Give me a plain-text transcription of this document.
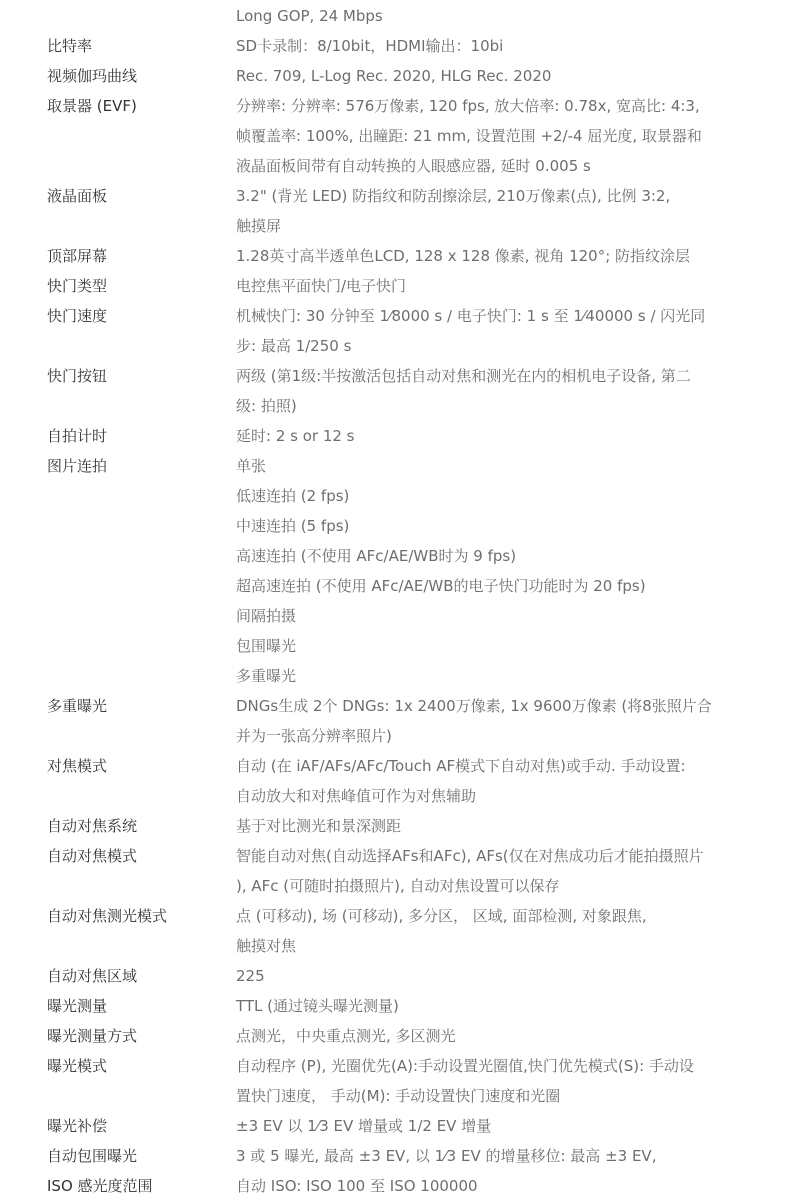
Long GOP, 24 Mbps
比特率	SD卡录制：8/10bit，HDMI输出：10bi
视频伽玛曲线	Rec. 709, L-Log Rec. 2020, HLG Rec. 2020
取景器 (EVF)	分辨率: 分辨率: 576万像素, 120 fps, 放大倍率: 0.78x, 宽高比: 4:3,
帧覆盖率: 100%, 出瞳距: 21 mm, 设置范围 +2/-4 屈光度, 取景器和
液晶面板间带有自动转换的人眼感应器, 延时 0.005 s
液晶面板	3.2" (背光 LED) 防指纹和防刮擦涂层, 210万像素(点), 比例 3:2,
触摸屏
顶部屏幕	1.28英寸高半透单色LCD, 128 x 128 像素, 视角 120°; 防指纹涂层
快门类型	电控焦平面快门/电子快门
快门速度	机械快门: 30 分钟至 1⁄8000 s / 电子快门: 1 s 至 1⁄40000 s / 闪光同
步: 最高 1/250 s
快门按钮	两级 (第1级:半按激活包括自动对焦和测光在内的相机电子设备, 第二
级: 拍照)
自拍计时	延时: 2 s or 12 s
图片连拍	单张
低速连拍 (2 fps)
中速连拍 (5 fps)
高速连拍 (不使用 AFc/AE/WB时为 9 fps)
超高速连拍 (不使用 AFc/AE/WB的电子快门功能时为 20 fps)
间隔拍摄
包围曝光
多重曝光
多重曝光	DNGs生成 2个 DNGs: 1x 2400万像素, 1x 9600万像素 (将8张照片合
并为一张高分辨率照片)
对焦模式	自动 (在 iAF/AFs/AFc/Touch AF模式下自动对焦)或手动. 手动设置:
自动放大和对焦峰值可作为对焦辅助
自动对焦系统	基于对比测光和景深测距
自动对焦模式	智能自动对焦(自动选择AFs和AFc), AFs(仅在对焦成功后才能拍摄照片
), AFc (可随时拍摄照片), 自动对焦设置可以保存
自动对焦测光模式	点 (可移动), 场 (可移动), 多分区， 区域, 面部检测, 对象跟焦,
触摸对焦
自动对焦区域	225
曝光测量	TTL (通过镜头曝光测量)
曝光测量方式	点测光，中央重点测光, 多区测光
曝光模式	自动程序 (P), 光圈优先(A):手动设置光圈值,快门优先模式(S): 手动设
置快门速度， 手动(M): 手动设置快门速度和光圈
曝光补偿	±3 EV 以 1⁄3 EV 增量或 1/2 EV 增量
自动包围曝光	3 或 5 曝光, 最高 ±3 EV, 以 1⁄3 EV 的增量移位: 最高 ±3 EV,
ISO 感光度范围	自动 ISO: ISO 100 至 ISO 100000
